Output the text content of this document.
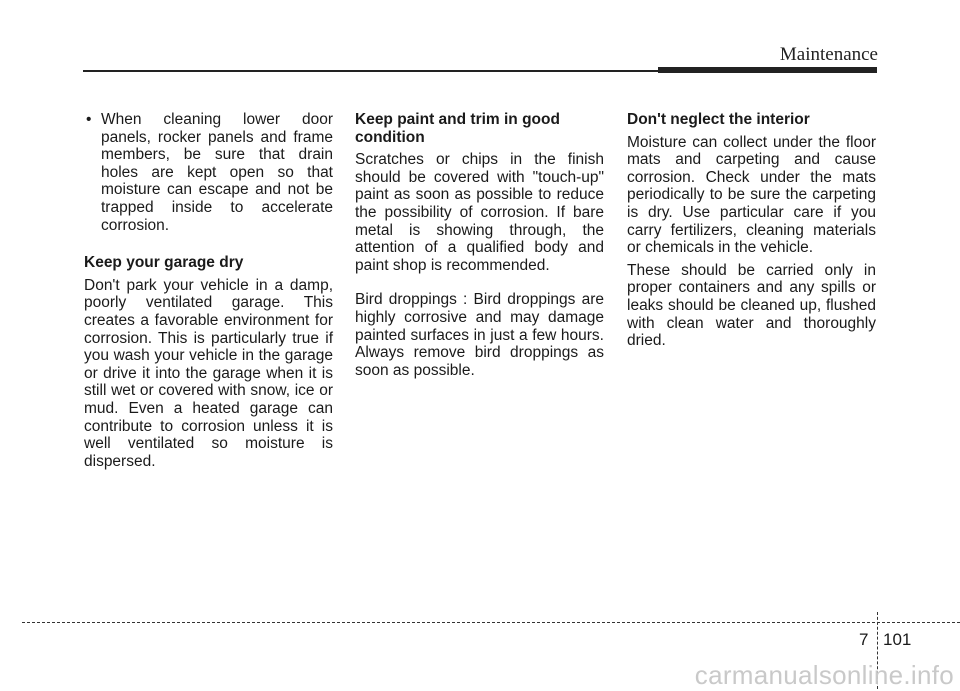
Maintenance
• When cleaning lower door panels, rocker panels and frame members, be sure that drain holes are kept open so that moisture can escape and not be trapped inside to accelerate corrosion.
Keep your garage dry

Don't park your vehicle in a damp, poorly ventilated garage. This creates a favorable environment for corrosion. This is particularly true if you wash your vehicle in the garage or drive it into the garage when it is still wet or covered with snow, ice or mud. Even a heated garage can contribute to corrosion unless it is well ventilated so moisture is dispersed.

Keep paint and trim in good condition

Scratches or chips in the finish should be covered with "touch-up" paint as soon as possible to reduce the possibility of corrosion. If bare metal is showing through, the attention of a qualified body and paint shop is recommended.

Bird droppings : Bird droppings are highly corrosive and may damage painted surfaces in just a few hours. Always remove bird droppings as soon as possible.

Don't neglect the interior

Moisture can collect under the floor mats and carpeting and cause corrosion. Check under the mats periodically to be sure the carpeting is dry. Use particular care if you carry fertilizers, cleaning materials or chemicals in the vehicle.

These should be carried only in proper containers and any spills or leaks should be cleaned up, flushed with clean water and thoroughly dried.

7 101
carmanualsonline.info
